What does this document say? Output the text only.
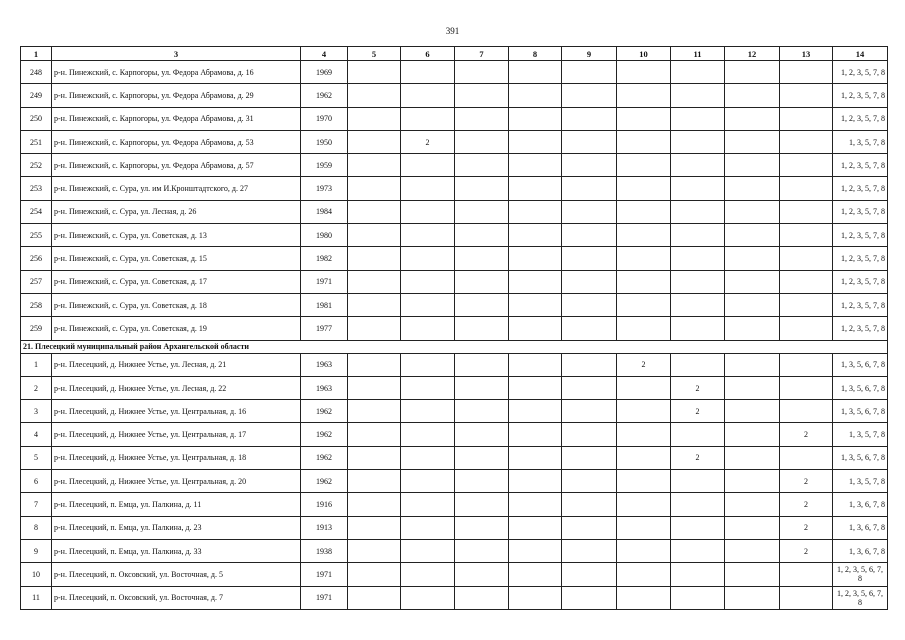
391
1	3	4	5	6	7	8	9	10	11	12	13	14
248	р-н. Пинежский, с. Карпогоры, ул. Федора Абрамова, д. 16	1969										1, 2, 3, 5, 7, 8
249	р-н. Пинежский, с. Карпогоры, ул. Федора Абрамова, д. 29	1962										1, 2, 3, 5, 7, 8
250	р-н. Пинежский, с. Карпогоры, ул. Федора Абрамова, д. 31	1970										1, 2, 3, 5, 7, 8
251	р-н. Пинежский, с. Карпогоры, ул. Федора Абрамова, д. 53	1950		2								1, 3, 5, 7, 8
252	р-н. Пинежский, с. Карпогоры, ул. Федора Абрамова, д. 57	1959										1, 2, 3, 5, 7, 8
253	р-н. Пинежский, с. Сура, ул. им И.Кронштадтского, д. 27	1973										1, 2, 3, 5, 7, 8
254	р-н. Пинежский, с. Сура, ул. Лесная, д. 26	1984										1, 2, 3, 5, 7, 8
255	р-н. Пинежский, с. Сура, ул. Советская, д. 13	1980										1, 2, 3, 5, 7, 8
256	р-н. Пинежский, с. Сура, ул. Советская, д. 15	1982										1, 2, 3, 5, 7, 8
257	р-н. Пинежский, с. Сура, ул. Советская, д. 17	1971										1, 2, 3, 5, 7, 8
258	р-н. Пинежский, с. Сура, ул. Советская, д. 18	1981										1, 2, 3, 5, 7, 8
259	р-н. Пинежский, с. Сура, ул. Советская, д. 19	1977										1, 2, 3, 5, 7, 8
21. Плесецкий муниципальный район Архангельской области												
1	р-н. Плесецкий, д. Нижнее Устье, ул. Лесная, д. 21	1963						2				1, 3, 5, 6, 7, 8
2	р-н. Плесецкий, д. Нижнее Устье, ул. Лесная, д. 22	1963							2			1, 3, 5, 6, 7, 8
3	р-н. Плесецкий, д. Нижнее Устье, ул. Центральная, д. 16	1962							2			1, 3, 5, 6, 7, 8
4	р-н. Плесецкий, д. Нижнее Устье, ул. Центральная, д. 17	1962									2	1, 3, 5, 7, 8
5	р-н. Плесецкий, д. Нижнее Устье, ул. Центральная, д. 18	1962							2			1, 3, 5, 6, 7, 8
6	р-н. Плесецкий, д. Нижнее Устье, ул. Центральная, д. 20	1962									2	1, 3, 5, 7, 8
7	р-н. Плесецкий, п. Емца, ул. Палкина, д. 11	1916									2	1, 3, 6, 7, 8
8	р-н. Плесецкий, п. Емца, ул. Палкина, д. 23	1913									2	1, 3, 6, 7, 8
9	р-н. Плесецкий, п. Емца, ул. Палкина, д. 33	1938									2	1, 3, 6, 7, 8
10	р-н. Плесецкий, п. Оксовский, ул. Восточная, д. 5	1971										1, 2, 3, 5, 6, 7, 8
11	р-н. Плесецкий, п. Оксовский, ул. Восточная, д. 7	1971										1, 2, 3, 5, 6, 7, 8
